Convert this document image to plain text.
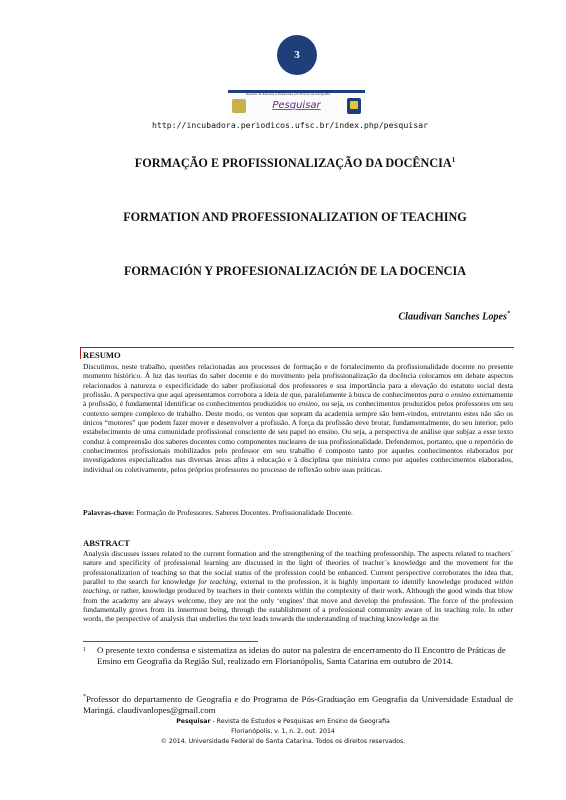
3
Revista de Estudos e Pesquisas em Ensino de Geografia
Pesquisar
http://incubadora.periodicos.ufsc.br/index.php/pesquisar
FORMAÇÃO E PROFISSIONALIZAÇÃO DA DOCÊNCIA$^1$
FORMATION AND PROFESSIONALIZATION OF TEACHING
FORMACIÓN Y PROFESIONALIZACIÓN DE LA DOCENCIA
Claudivan Sanches Lopes*
RESUMO
Discutimos, neste trabalho, questões relacionadas aos processos de formação e de fortalecimento da profissionalidade docente no presente momento histórico. À luz das teorias do saber docente e do movimento pela profissionalização da docência colocamos em debate aspectos relacionados à natureza e especificidade do saber profissional dos professores e sua importância para a elevação do estatuto social desta profissão. A perspectiva que aqui apresentamos corrobora a ideia de que, paralelamente à busca de conhecimentos para o ensino externamente à profissão, é fundamental identificar os conhecimentos produzidos no ensino, ou seja, os conhecimentos produzidos pelos professores em seu contexto sempre complexo de trabalho. Deste modo, os ventos que sopram da academia sempre são bem-vindos, entretanto estes não são os únicos “motores” que podem fazer mover e desenvolver a profissão. A força da profissão deve brotar, fundamentalmente, do seu interior, pelo estabelecimento de uma comunidade profissional consciente de seu papel no ensino. Ou seja, a perspectiva de análise que subjaz a esse texto conduz à compreensão dos saberes docentes como componentes nucleares de sua profissionalidade. Defendemos, portanto, que o repertório de conhecimentos profissionais mobilizados pelo professor em seu trabalho é composto tanto por aqueles conhecimentos elaborados por investigadores especializados nas diversas áreas afins à educação e à disciplina que ministra como por aqueles conhecimentos elaborados, individual ou coletivamente, pelos próprios professores no processo de reflexão sobre suas práticas.
Palavras-chave: Formação de Professores. Saberes Docentes. Profissionalidade Docente.
ABSTRACT
Analysis discusses issues related to the current formation and the strengthening of the teaching professorship. The aspects related to teachers´ nature and specificity of professional learning are discussed in the light of theories of teacher´s knowledge and the movement for the professionalization of teaching so that the social status of the profession could be enhanced. Current perspective corroborates the idea that, parallel to the search for knowledge for teaching, external to the profession, it is highly important to identify knowledge produced within teaching, or rather, knowledge produced by teachers in their contexts within the complexity of their work. Although the good winds that blow from the academy are always welcome, they are not the only ‘engines’ that move and develop the profession. The force of the profession fundamentally grows from its innermost being, through the establishment of a professional community aware of its teaching role. In other words, the perspective of analysis that underlies the text leads towards the understanding of teaching knowledge as the
1 O presente texto condensa e sistematiza as ideias do autor na palestra de encerramento do II Encontro de Práticas de Ensino em Geografia da Região Sul, realizado em Florianópolis, Santa Catarina em outubro de 2014.
*Professor do departamento de Geografia e do Programa de Pós-Graduação em Geografia da Universidade Estadual de Maringá. claudivanlopes@gmail.com
Pesquisar - Revista de Estudos e Pesquisas em Ensino de Geografia
Florianópolis, v. 1, n. 2, out. 2014
© 2014. Universidade Federal de Santa Catarina. Todos os direitos reservados.
